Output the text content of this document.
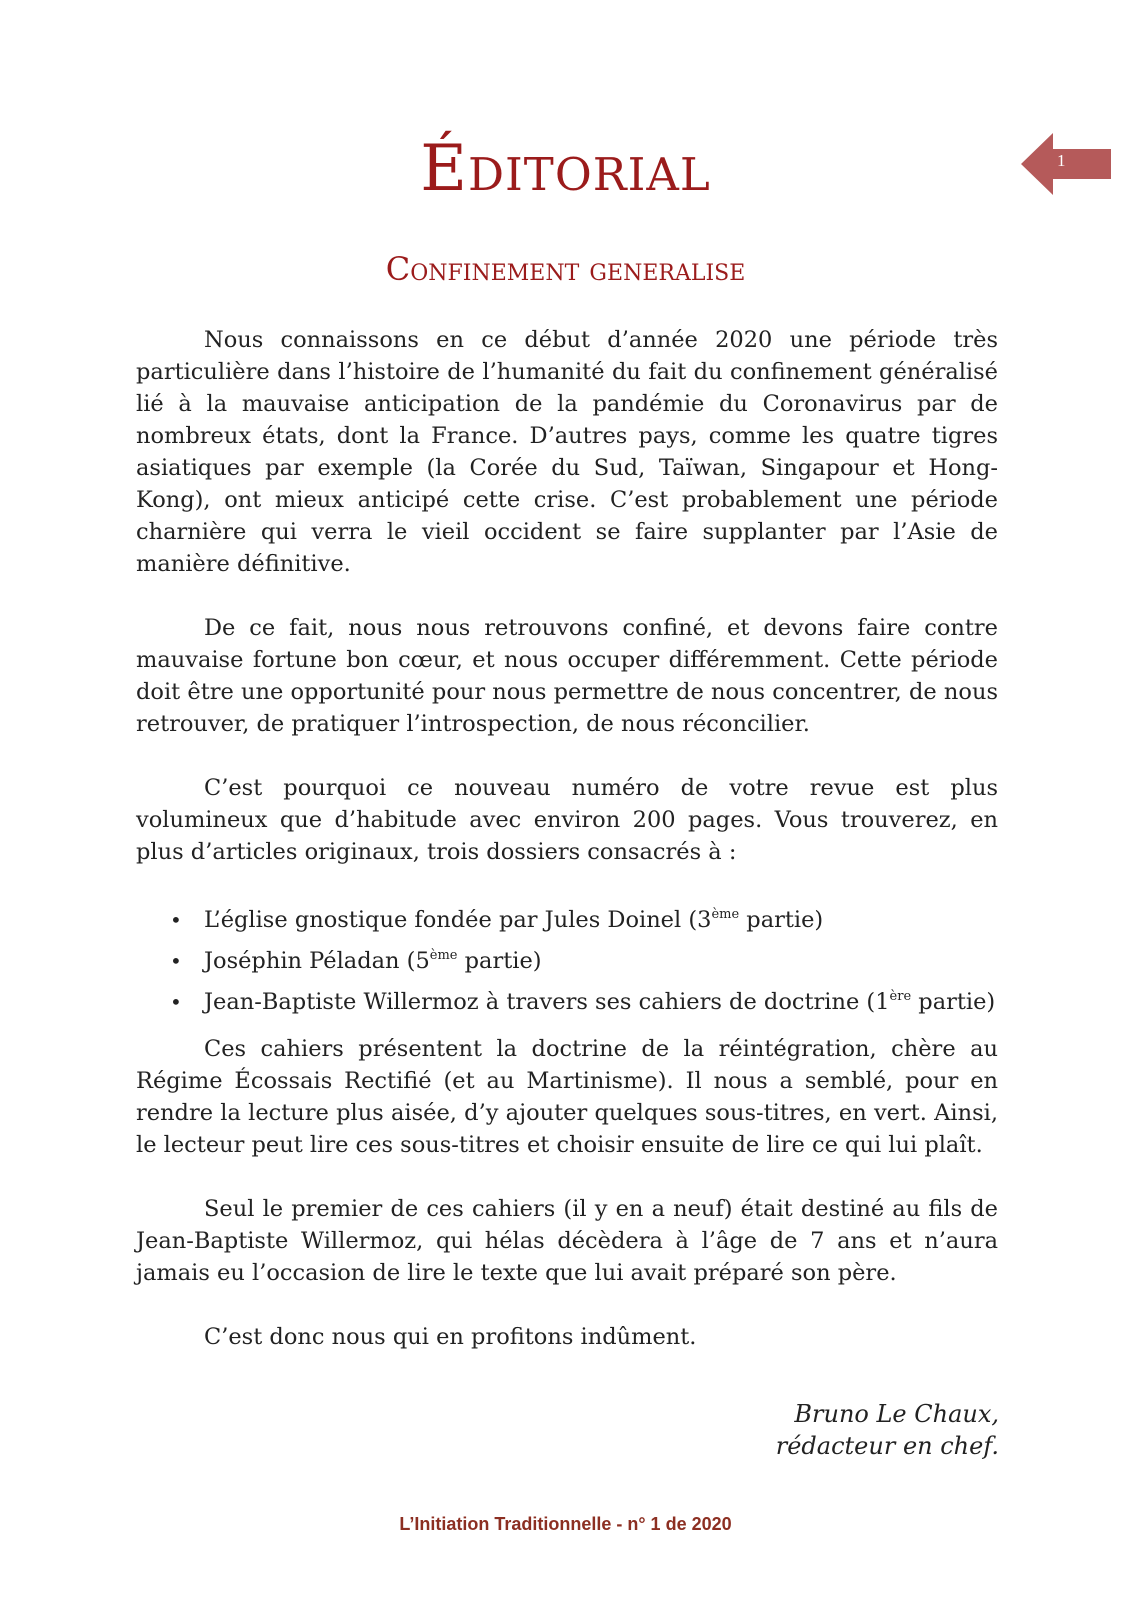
1
Éditorial
Confinement generalise

Nous connaissons en ce début d’année 2020 une période très particulière dans l’histoire de l’humanité du fait du confinement généralisé lié à la mauvaise anticipation de la pandémie du Coronavirus par de nombreux états, dont la France. D’autres pays, comme les quatre tigres asiatiques par exemple (la Corée du Sud, Taïwan, Singapour et Hong-Kong), ont mieux anticipé cette crise. C’est probablement une période charnière qui verra le vieil occident se faire supplanter par l’Asie de manière définitive.

De ce fait, nous nous retrouvons confiné, et devons faire contre mauvaise fortune bon cœur, et nous occuper différemment. Cette période doit être une opportunité pour nous permettre de nous concentrer, de nous retrouver, de pratiquer l’introspection, de nous réconcilier.

C’est pourquoi ce nouveau numéro de votre revue est plus volumineux que d’habitude avec environ 200 pages. Vous trouverez, en plus d’articles originaux, trois dossiers consacrés à :

• L’église gnostique fondée par Jules Doinel (3ème partie)
• Joséphin Péladan (5ème partie)
• Jean-Baptiste Willermoz à travers ses cahiers de doctrine (1ère partie)

Ces cahiers présentent la doctrine de la réintégration, chère au Régime Écossais Rectifié (et au Martinisme). Il nous a semblé, pour en rendre la lecture plus aisée, d’y ajouter quelques sous-titres, en vert. Ainsi, le lecteur peut lire ces sous-titres et choisir ensuite de lire ce qui lui plaît.

Seul le premier de ces cahiers (il y en a neuf) était destiné au fils de Jean-Baptiste Willermoz, qui hélas décèdera à l’âge de 7 ans et n’aura jamais eu l’occasion de lire le texte que lui avait préparé son père.

C’est donc nous qui en profitons indûment.

Bruno Le Chaux,
rédacteur en chef.
L’Initiation Traditionnelle - n° 1 de 2020
